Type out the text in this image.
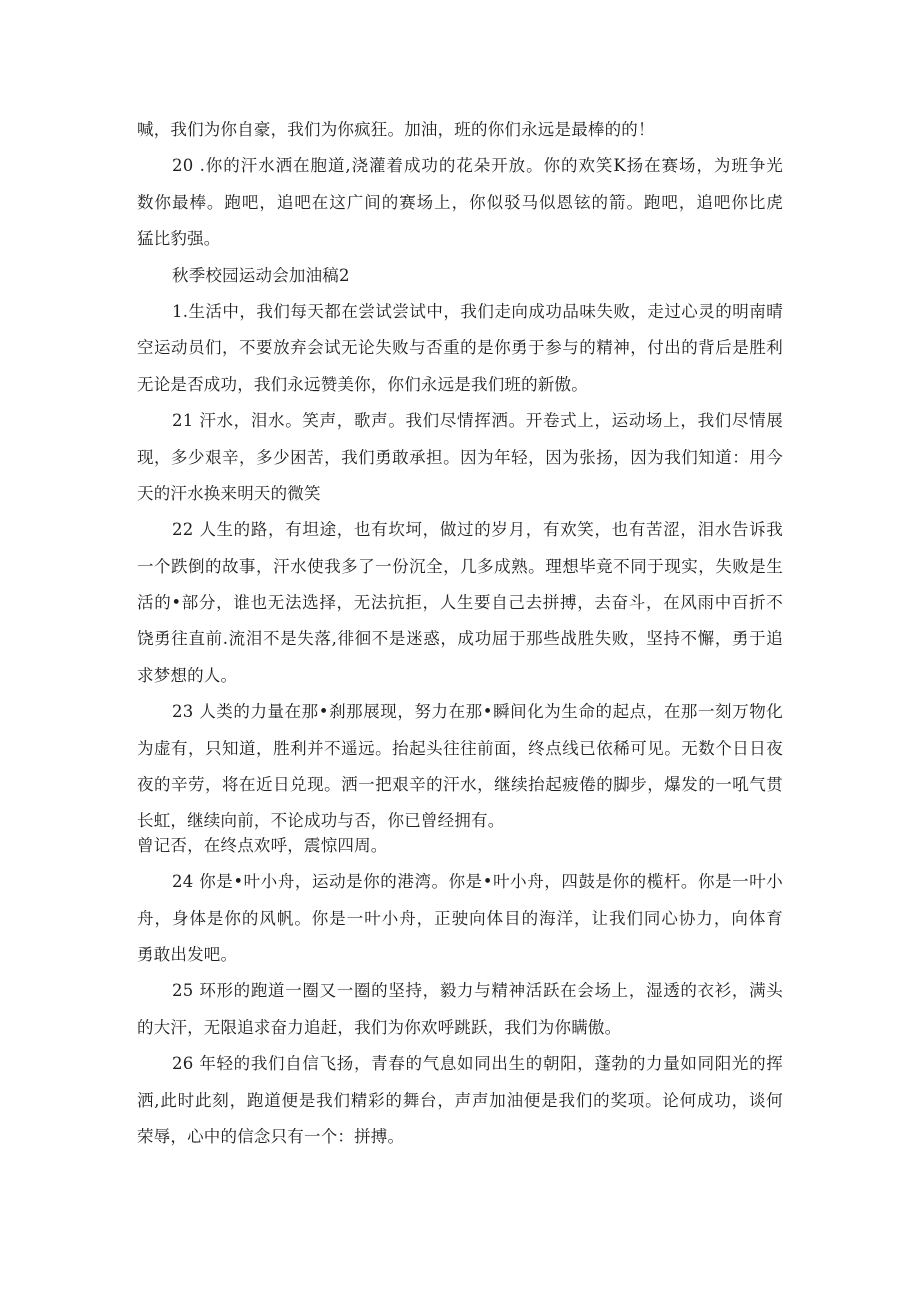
喊，我们为你自豪，我们为你疯狂。加油，班的你们永远是最棒的的！
20 .你的汗水洒在胞道,浇灌着成功的花朵开放。你的欢笑K扬在赛场，为班争光
数你最棒。跑吧，追吧在这广间的赛场上，你似驳马似恩铉的箭。跑吧，追吧你比虎
猛比豹强。
秋季校园运动会加油稿2
1.生活中，我们每天都在尝试尝试中，我们走向成功品味失败，走过心灵的明南晴
空运动员们，不要放弃会试无论失败与否重的是你勇于参与的精神，付出的背后是胜利
无论是否成功，我们永远赞美你，你们永远是我们班的新傲。
21 汗水，泪水。笑声，歌声。我们尽情挥洒。开卷式上，运动场上，我们尽情展
现，多少艰辛，多少困苦，我们勇敢承担。因为年轻，因为张扬，因为我们知道：用今
天的汗水换来明天的微笑
22 人生的路，有坦途，也有坎坷，做过的岁月，有欢笑，也有苦涩，泪水告诉我
一个跌倒的故事，汗水使我多了一份沉全，几多成熟。理想毕竟不同于现实，失败是生
活的•部分，谁也无法选择，无法抗拒，人生要自己去拼搏，去奋斗，在风雨中百折不
饶勇往直前.流泪不是失落,徘徊不是迷惑，成功屈于那些战胜失败，坚持不懈，勇于追
求梦想的人。
23 人类的力量在那•刹那展现，努力在那•瞬间化为生命的起点，在那一刻万物化
为虚有，只知道，胜利并不遥远。抬起头往往前面，终点线已依稀可见。无数个日日夜
夜的辛劳，将在近日兑现。洒一把艰辛的汗水，继续抬起疲倦的脚步，爆发的一吼气贯
长虹，继续向前，不论成功与否，你已曾经拥有。
曾记否，在终点欢呼，震惊四周。
24 你是•叶小舟，运动是你的港湾。你是•叶小舟，四鼓是你的榄杆。你是一叶小
舟，身体是你的风帆。你是一叶小舟，正驶向体目的海洋，让我们同心协力，向体育
勇敢出发吧。
25 环形的跑道一圈又一圈的坚持，毅力与精神活跃在会场上，湿透的衣衫，满头
的大汗，无限追求奋力追赶，我们为你欢呼跳跃，我们为你瞒傲。
26 年轻的我们自信飞扬，青春的气息如同出生的朝阳，蓬勃的力量如同阳光的挥
洒,此时此刻，跑道便是我们精彩的舞台，声声加油便是我们的奖项。论何成功，谈何
荣辱，心中的信念只有一个：拼搏。
